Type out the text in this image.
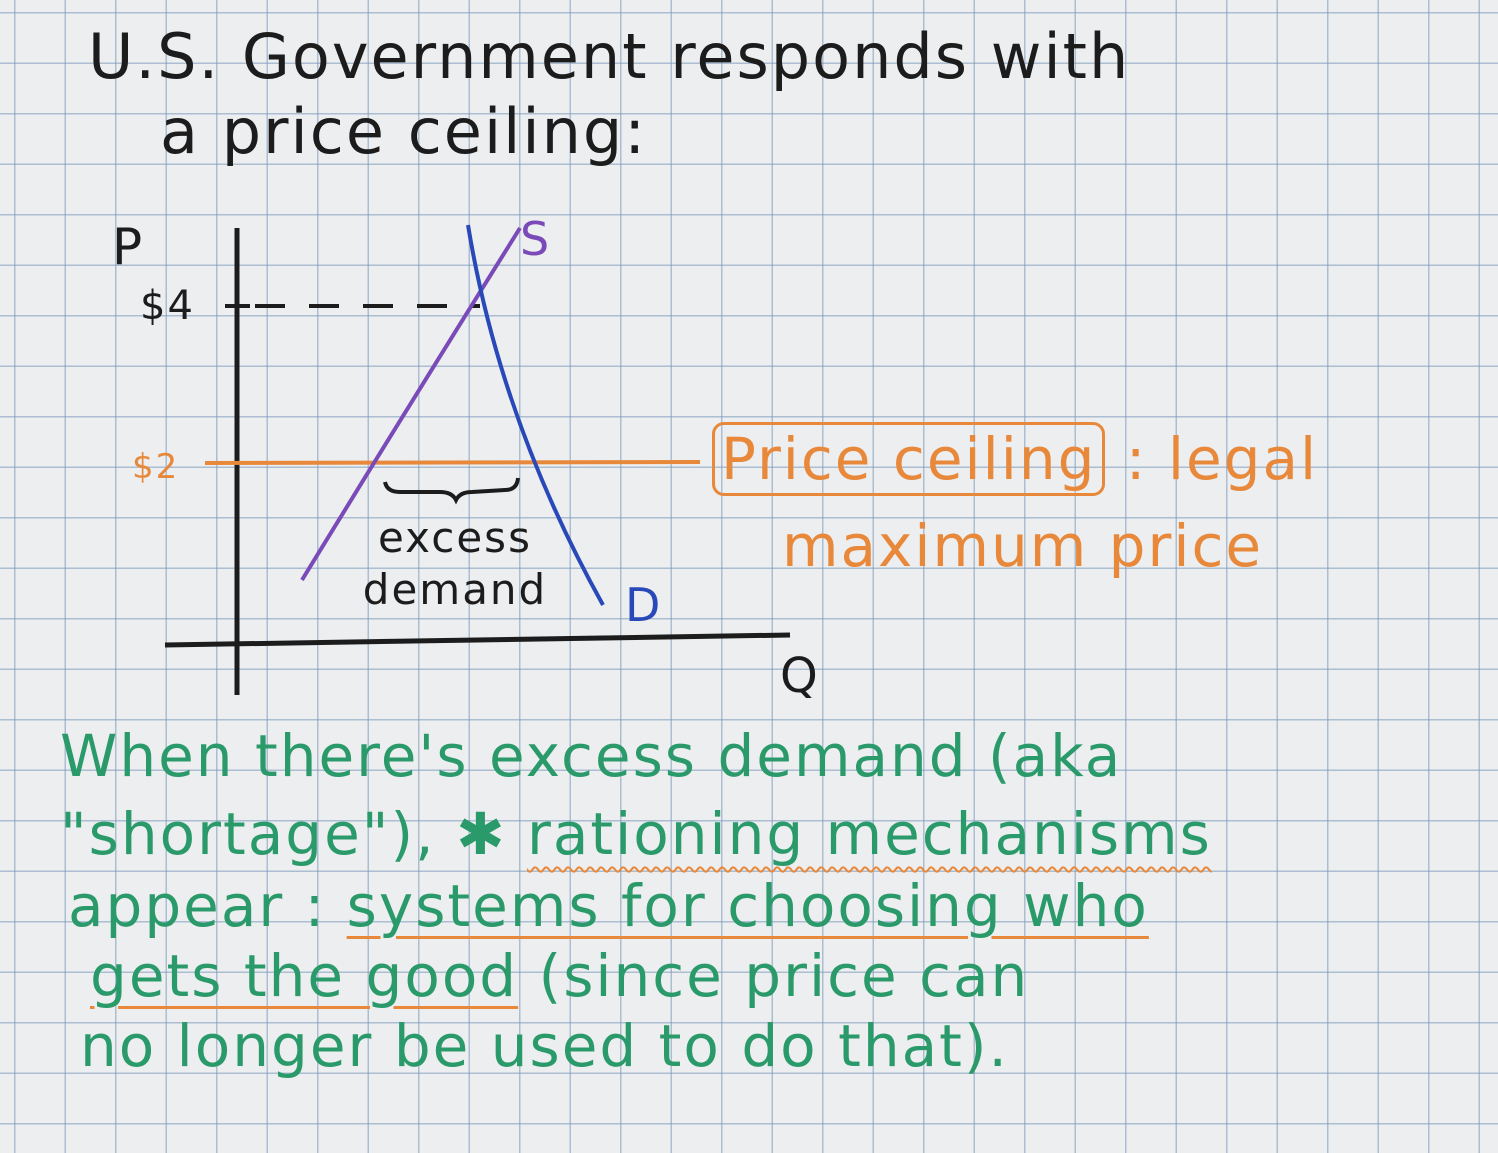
U.S. Government responds with
a price ceiling:
P
Q
$4
$2
S
D
excess demand
Price ceiling : legal
maximum price
When there's excess demand (aka
"shortage"), ✱ rationing mechanisms
appear : systems for choosing who
gets the good (since price can
no longer be used to do that).
